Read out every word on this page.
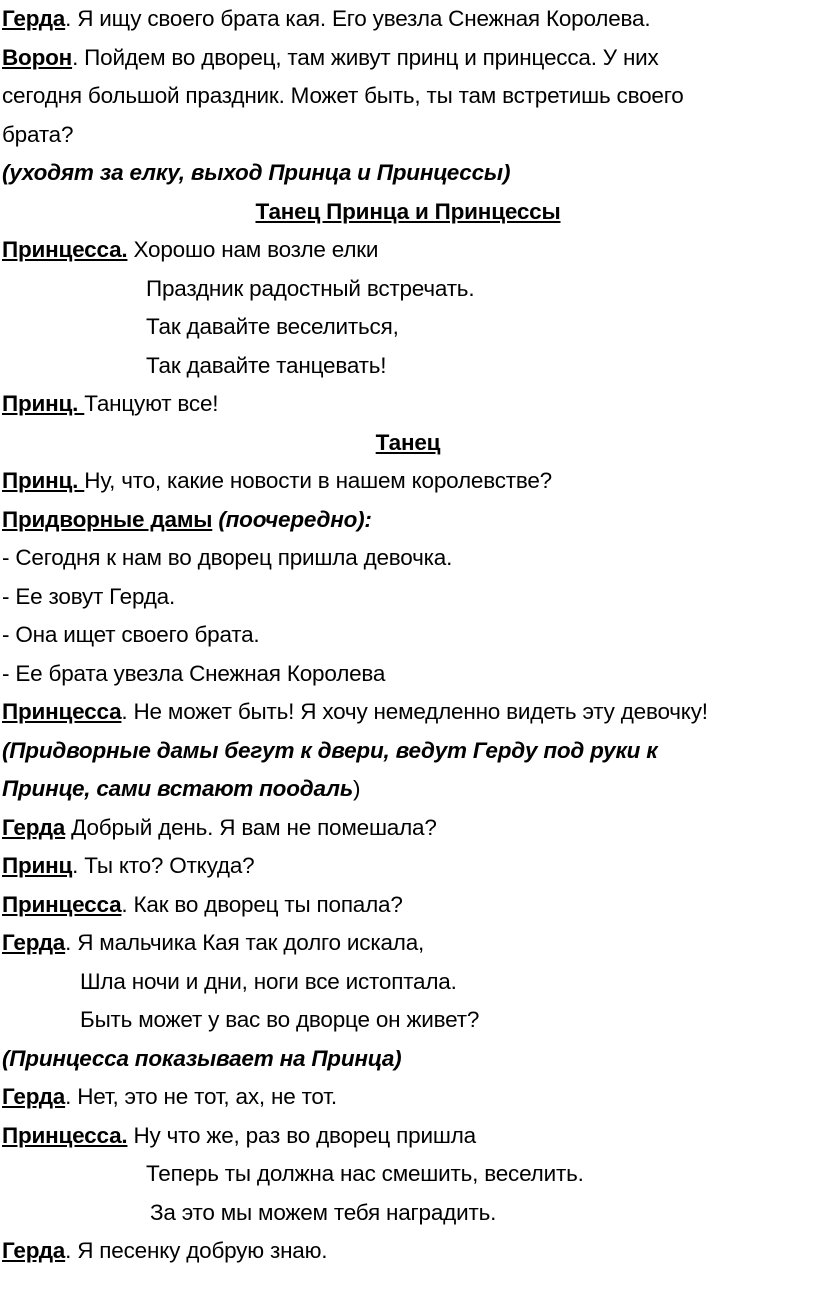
Герда. Я ищу своего брата кая. Его увезла Снежная Королева.
Ворон. Пойдем во дворец, там живут принц и принцесса. У них
сегодня большой праздник. Может быть, ты там встретишь своего
брата?
(уходят за елку, выход Принца и Принцессы)
Танец Принца и Принцессы
Принцесса. Хорошо нам возле елки
Праздник радостный встречать.
Так давайте веселиться,
Так давайте танцевать!
Принц. Танцуют все!
Танец
Принц. Ну, что, какие новости в нашем королевстве?
Придворные дамы (поочередно):
- Сегодня к нам во дворец пришла девочка.
- Ее зовут Герда.
- Она ищет своего брата.
- Ее брата увезла Снежная Королева
Принцесса. Не может быть! Я хочу немедленно видеть эту девочку!
(Придворные дамы бегут к двери, ведут Герду под руки к
Принце, сами встают поодаль)
Герда Добрый день. Я вам не помешала?
Принц. Ты кто? Откуда?
Принцесса. Как во дворец ты попала?
Герда. Я мальчика Кая так долго искала,
Шла ночи и дни, ноги все истоптала.
Быть может у вас во дворце он живет?
(Принцесса показывает на Принца)
Герда. Нет, это не тот, ах, не тот.
Принцесса. Ну что же, раз во дворец пришла
Теперь ты должна нас смешить, веселить.
За это мы можем тебя наградить.
Герда. Я песенку добрую знаю.
